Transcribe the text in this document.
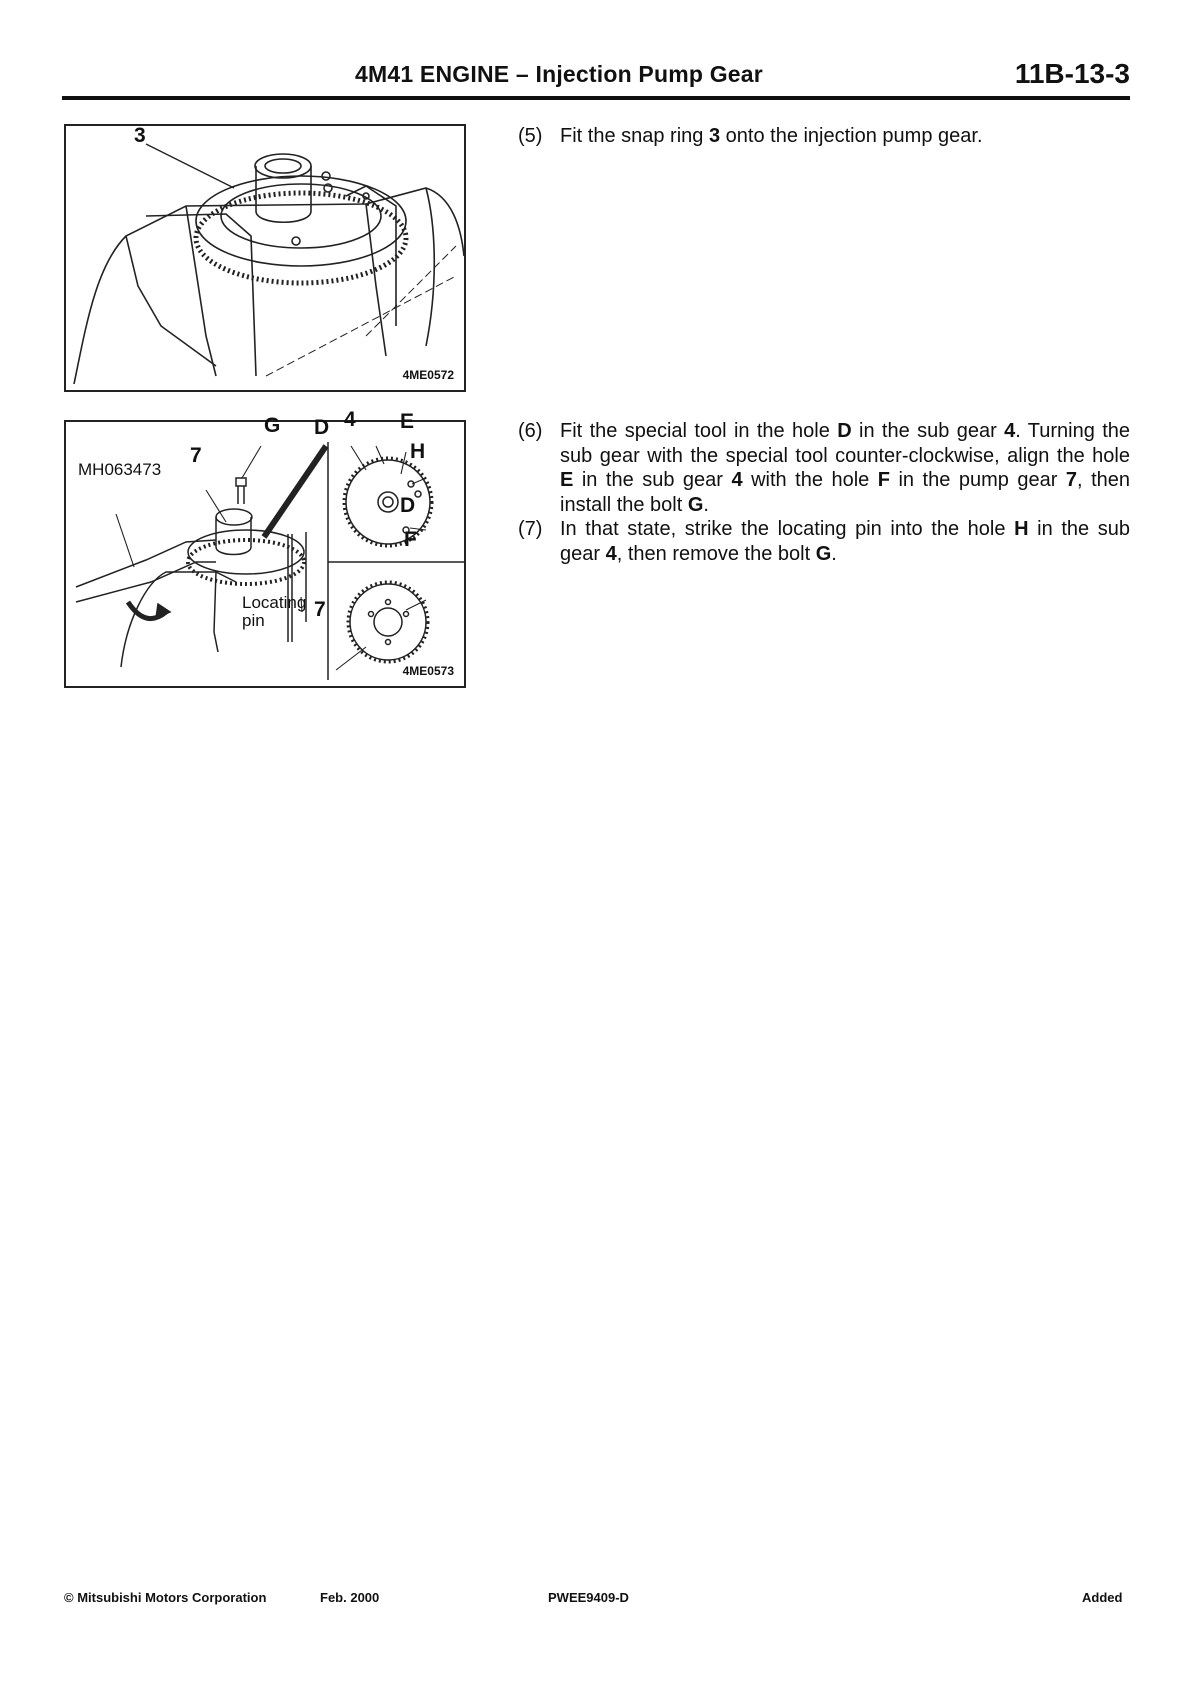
4M41 ENGINE – Injection Pump Gear	11B-13-3
3
4ME0572
MH063473
7
G D 4 E
H
D
F
7
Locating
pin
4ME0573
(5) Fit the snap ring 3 onto the injection pump gear.
(6) Fit the special tool in the hole D in the sub gear 4. Turning the sub gear with the special tool counter-clockwise, align the hole E in the sub gear 4 with the hole F in the pump gear 7, then install the bolt G.
(7) In that state, strike the locating pin into the hole H in the sub gear 4, then remove the bolt G.
© Mitsubishi Motors Corporation	Feb. 2000	PWEE9409-D	Added
